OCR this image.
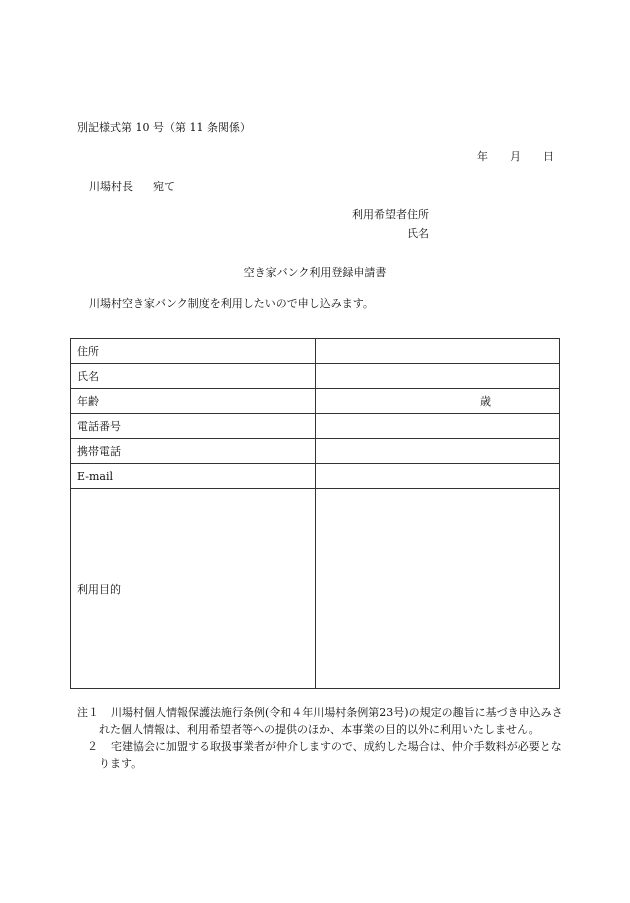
別記様式第 10 号（第 11 条関係）
年 月 日
川場村長 宛て
利用希望者住所
氏名
空き家バンク利用登録申請書
川場村空き家バンク制度を利用したいので申し込みます。
住所	
氏名	
年齢	歳
電話番号	
携帯電話	
E-mail	
利用目的	
注１	川場村個人情報保護法施行条例(令和４年川場村条例第23号)の規定の趣旨に基づき申込みされた個人情報は、利用希望者等への提供のほか、本事業の目的以外に利用いたしません。
２	宅建協会に加盟する取扱事業者が仲介しますので、成約した場合は、仲介手数料が必要となります。
